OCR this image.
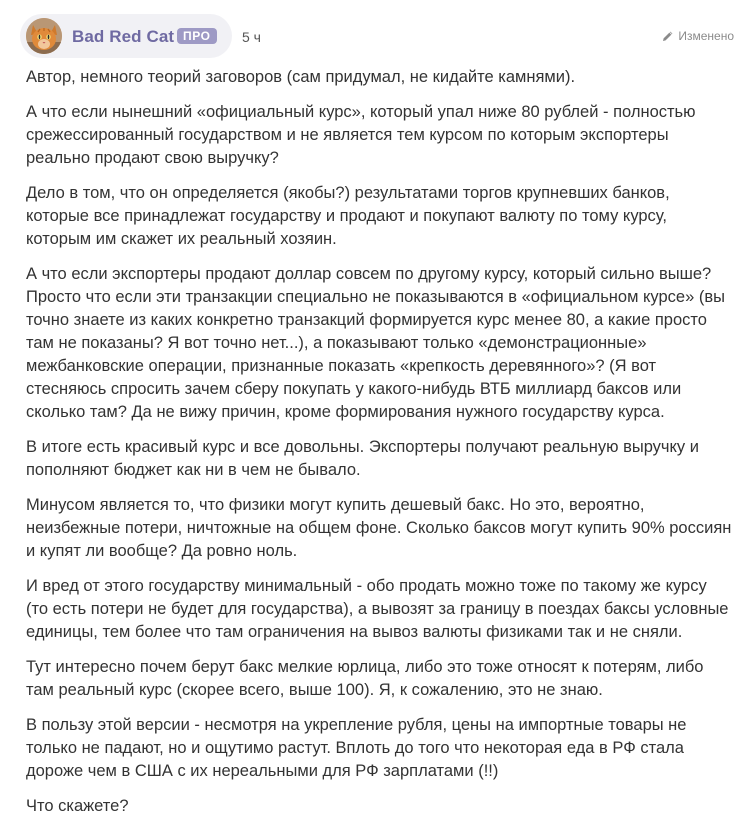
Bad Red Cat ПРО	5 ч	Изменено

Автор, немного теорий заговоров (сам придумал, не кидайте камнями).

А что если нынешний «официальный курс», который упал ниже 80 рублей - полностью срежессированный государством и не является тем курсом по которым экспортеры реально продают свою выручку?

Дело в том, что он определяется (якобы?) результатами торгов крупневших банков, которые все принадлежат государству и продают и покупают валюту по тому курсу, которым им скажет их реальный хозяин.

А что если экспортеры продают доллар совсем по другому курсу, который сильно выше? Просто что если эти транзакции специально не показываются в «официальном курсе» (вы точно знаете из каких конкретно транзакций формируется курс менее 80, а какие просто там не показаны? Я вот точно нет...), а показывают только «демонстрационные» межбанковские операции, признанные показать «крепкость деревянного»? (Я вот стесняюсь спросить зачем сберу покупать у какого-нибудь ВТБ миллиард баксов или сколько там? Да не вижу причин, кроме формирования нужного государству курса.

В итоге есть красивый курс и все довольны. Экспортеры получают реальную выручку и пополняют бюджет как ни в чем не бывало.

Минусом является то, что физики могут купить дешевый бакс. Но это, вероятно, неизбежные потери, ничтожные на общем фоне. Сколько баксов могут купить 90% россиян и купят ли вообще? Да ровно ноль.

И вред от этого государству минимальный - обо продать можно тоже по такому же курсу (то есть потери не будет для государства), а вывозят за границу в поездах баксы условные единицы, тем более что там ограничения на вывоз валюты физиками так и не сняли.

Тут интересно почем берут бакс мелкие юрлица, либо это тоже относят к потерям, либо там реальный курс (скорее всего, выше 100). Я, к сожалению, это не знаю.

В пользу этой версии - несмотря на укрепление рубля, цены на импортные товары не только не падают, но и ощутимо растут. Вплоть до того что некоторая еда в РФ стала дороже чем в США с их нереальными для РФ зарплатами (!!)

Что скажете?
